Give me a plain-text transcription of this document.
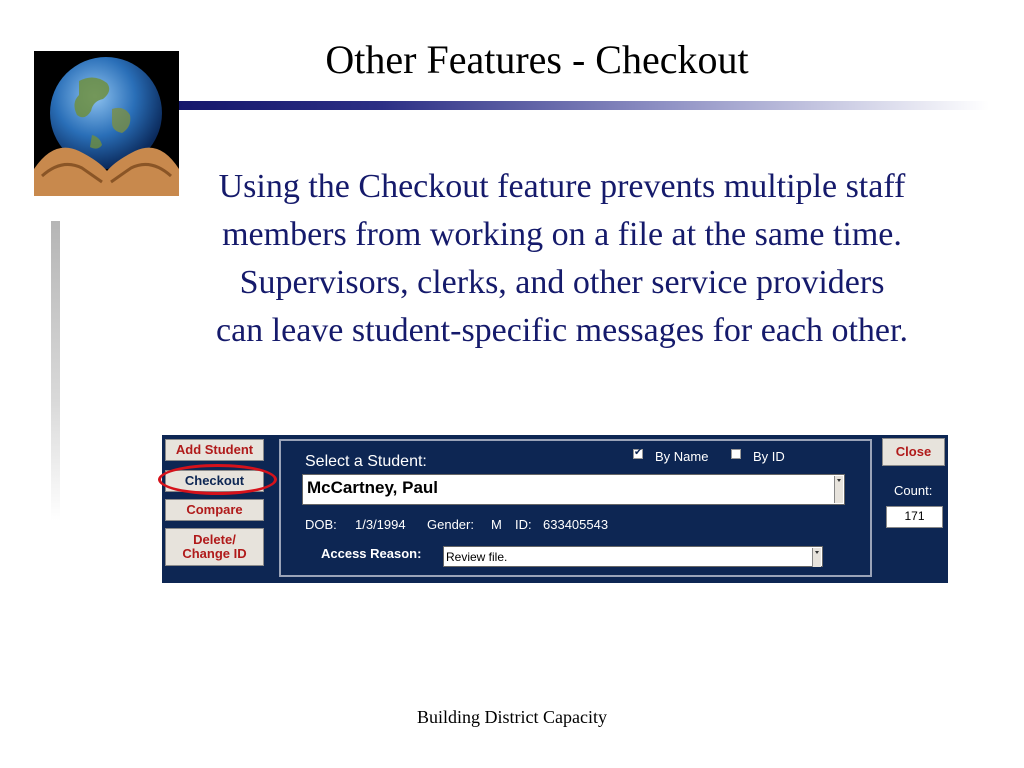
Other Features - Checkout
Using the Checkout feature prevents multiple staff members from working on a file at the same time. Supervisors, clerks, and other service providers can leave student-specific messages for each other.
Add Student
Checkout
Compare
Delete/ Change ID
Close
Select a Student:
✔	By Name	By ID
McCartney, Paul
DOB: 1/3/1994 Gender: M ID: 633405543
Access Reason: Review file.
Count:
171
Building District Capacity
